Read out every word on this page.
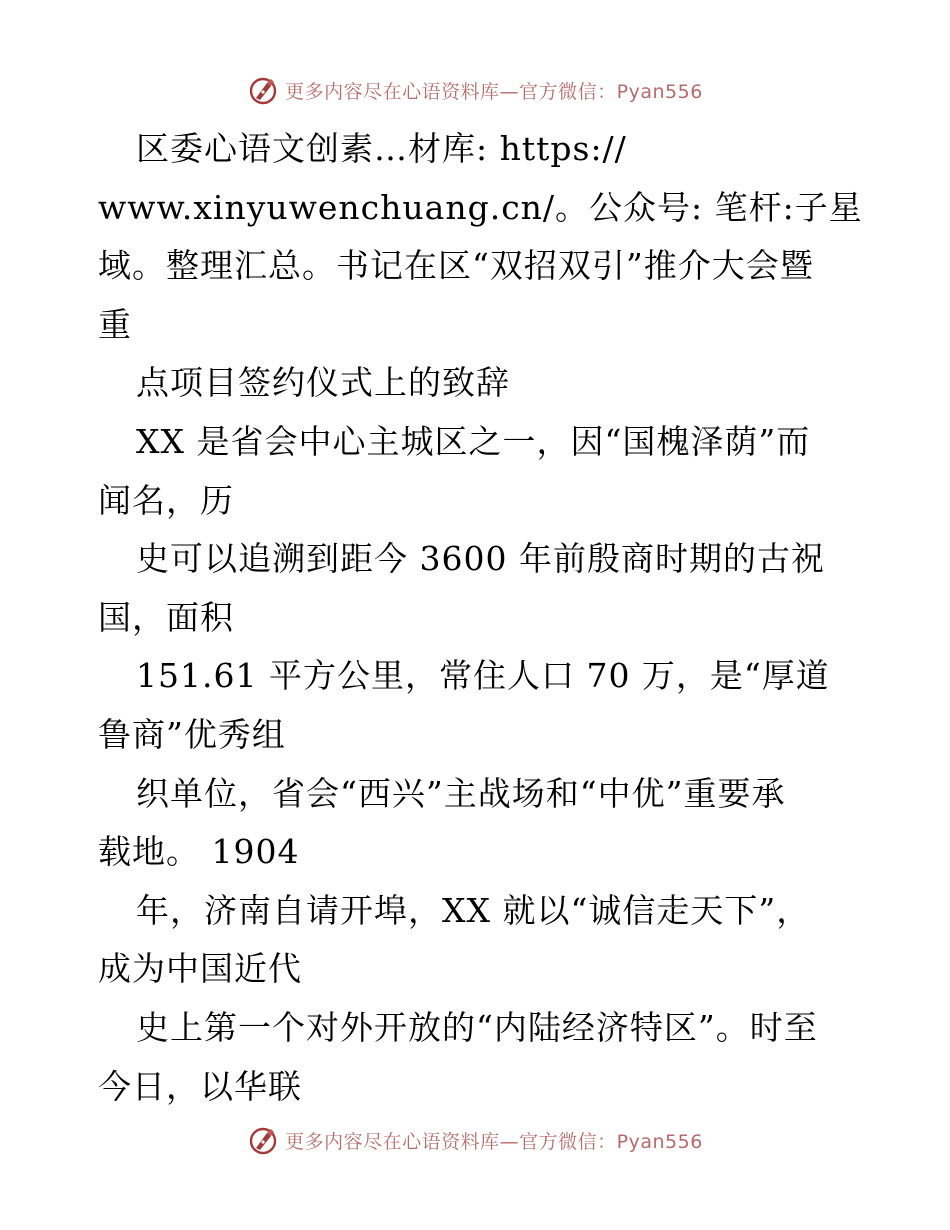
更多内容尽在心语资料库—官方微信：Pyan556
区委心语文创素…材库: https://
www.xinyuwenchuang.cn/。公众号: 笔杆:子星
域。整理汇总。书记在区“双招双引”推介大会暨
重
点项目签约仪式上的致辞
XX 是省会中心主城区之一，因“国槐泽荫”而
闻名，历
史可以追溯到距今 3600 年前殷商时期的古祝
国，面积
151.61 平方公里，常住人口 70 万，是“厚道
鲁商”优秀组
织单位，省会“西兴”主战场和“中优”重要承
载地。 1904
年，济南自请开埠，XX 就以“诚信走天下”，
成为中国近代
史上第一个对外开放的“内陆经济特区”。时至
今日，以华联
更多内容尽在心语资料库—官方微信：Pyan556
